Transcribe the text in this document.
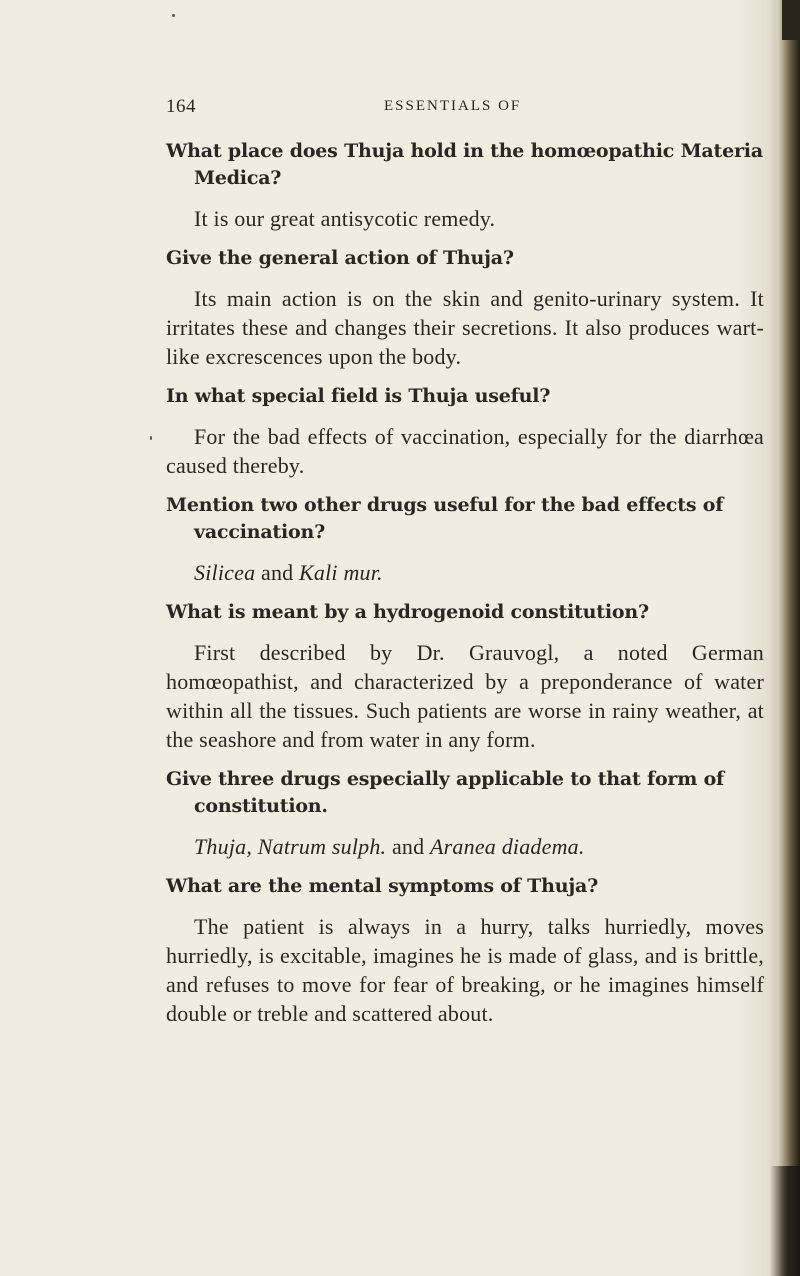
164	ESSENTIALS OF

What place does Thuja hold in the homœopathic Materia Medica?

It is our great antisycotic remedy.

Give the general action of Thuja?

Its main action is on the skin and genito-urinary system. It irritates these and changes their secretions. It also produces wart-like excrescences upon the body.

In what special field is Thuja useful?

For the bad effects of vaccination, especially for the diarrhœa caused thereby.

Mention two other drugs useful for the bad effects of vaccination?

Silicea and Kali mur.

What is meant by a hydrogenoid constitution?

First described by Dr. Grauvogl, a noted German homœopathist, and characterized by a preponderance of water within all the tissues. Such patients are worse in rainy weather, at the seashore and from water in any form.

Give three drugs especially applicable to that form of constitution.

Thuja, Natrum sulph. and Aranea diadema.

What are the mental symptoms of Thuja?

The patient is always in a hurry, talks hurriedly, moves hurriedly, is excitable, imagines he is made of glass, and is brittle, and refuses to move for fear of breaking, or he imagines himself double or treble and scattered about.
